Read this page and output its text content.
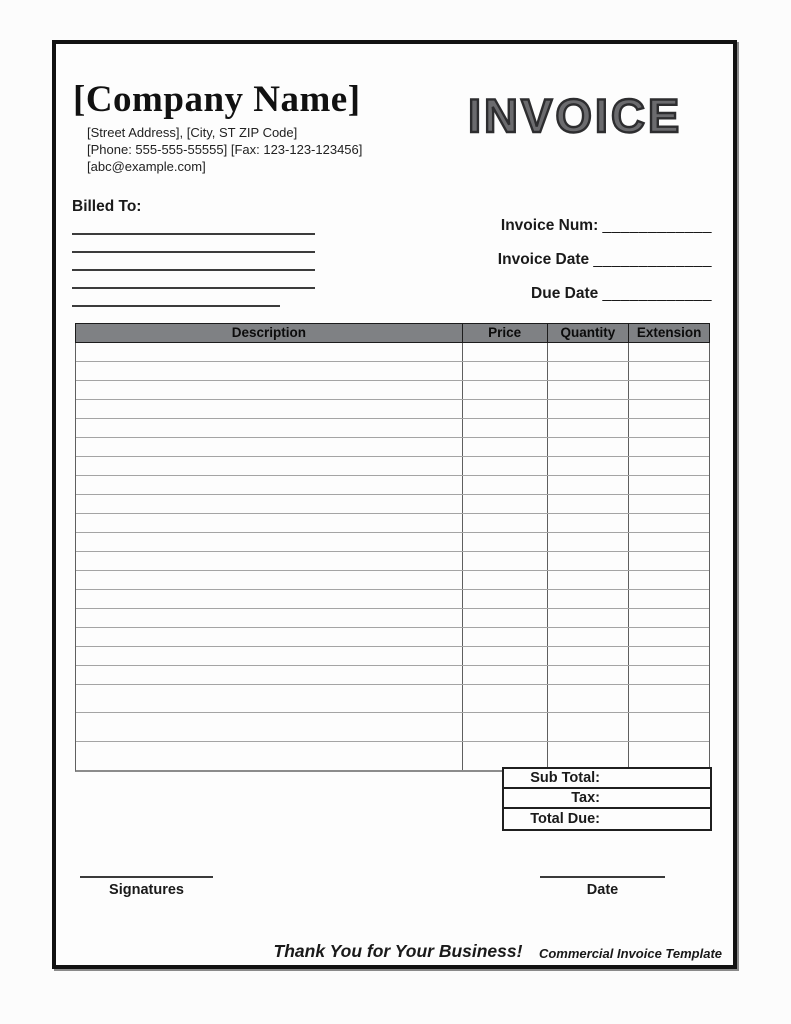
[Company Name]
[Street Address], [City, ST ZIP Code]
[Phone: 555-555-55555] [Fax: 123-123-123456]
[abc@example.com]
INVOICE
Billed To:
Invoice Num: ____________
Invoice Date _____________
Due Date ____________
Description	Price	Quantity	Extension
Sub Total:
Tax:
Total Due:
Signatures	Date
Thank You for Your Business!	Commercial Invoice Template
